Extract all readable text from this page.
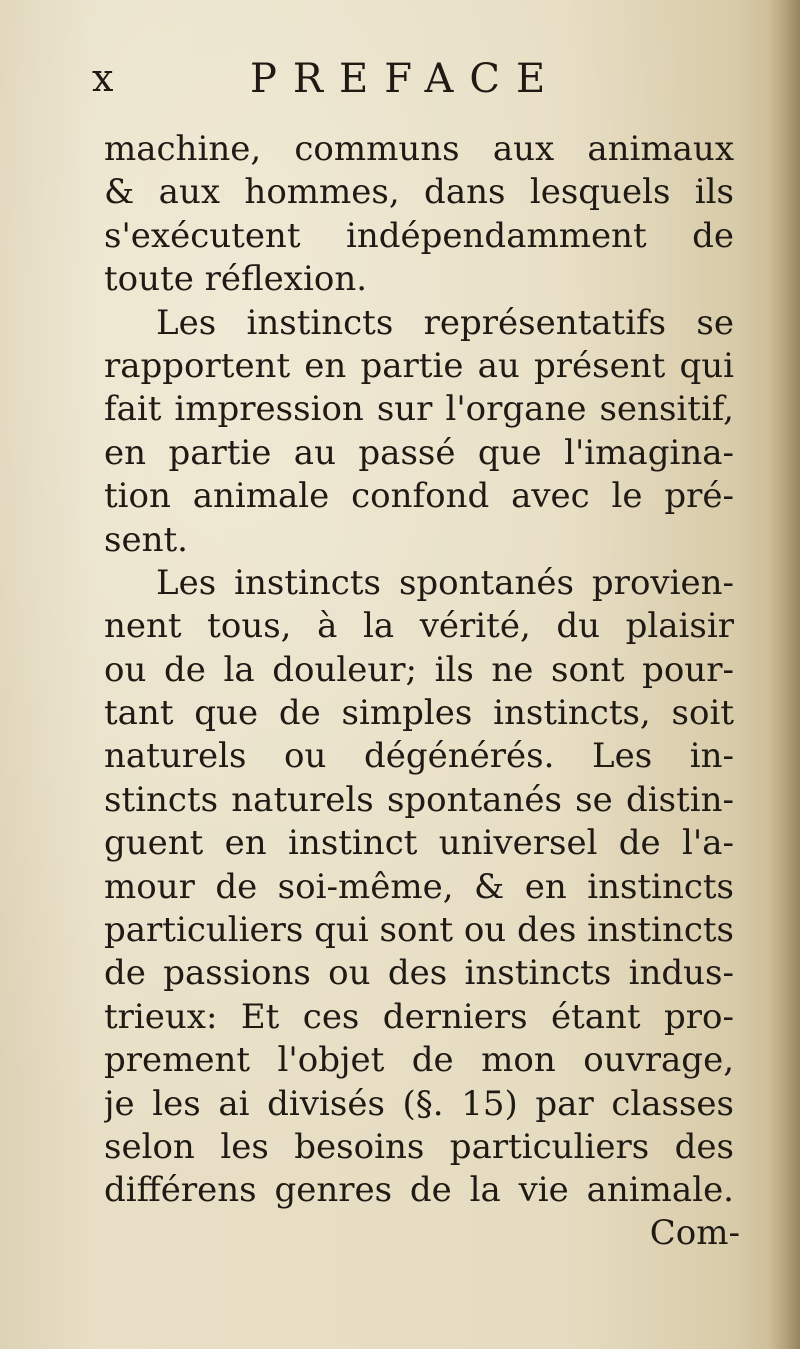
x	PREFACE
machine, communs aux animaux
& aux hommes, dans lesquels ils
s'exécutent indépendamment de
toute réflexion.
Les instincts représentatifs se
rapportent en partie au présent qui
fait impression sur l'organe sensitif,
en partie au passé que l'imagina-
tion animale confond avec le pré-
sent.
Les instincts spontanés provien-
nent tous, à la vérité, du plaisir
ou de la douleur; ils ne sont pour-
tant que de simples instincts, soit
naturels ou dégénérés. Les in-
stincts naturels spontanés se distin-
guent en instinct universel de l'a-
mour de soi-même, & en instincts
particuliers qui sont ou des instincts
de passions ou des instincts indus-
trieux: Et ces derniers étant pro-
prement l'objet de mon ouvrage,
je les ai divisés (§. 15) par classes
selon les besoins particuliers des
différens genres de la vie animale.
Com-
